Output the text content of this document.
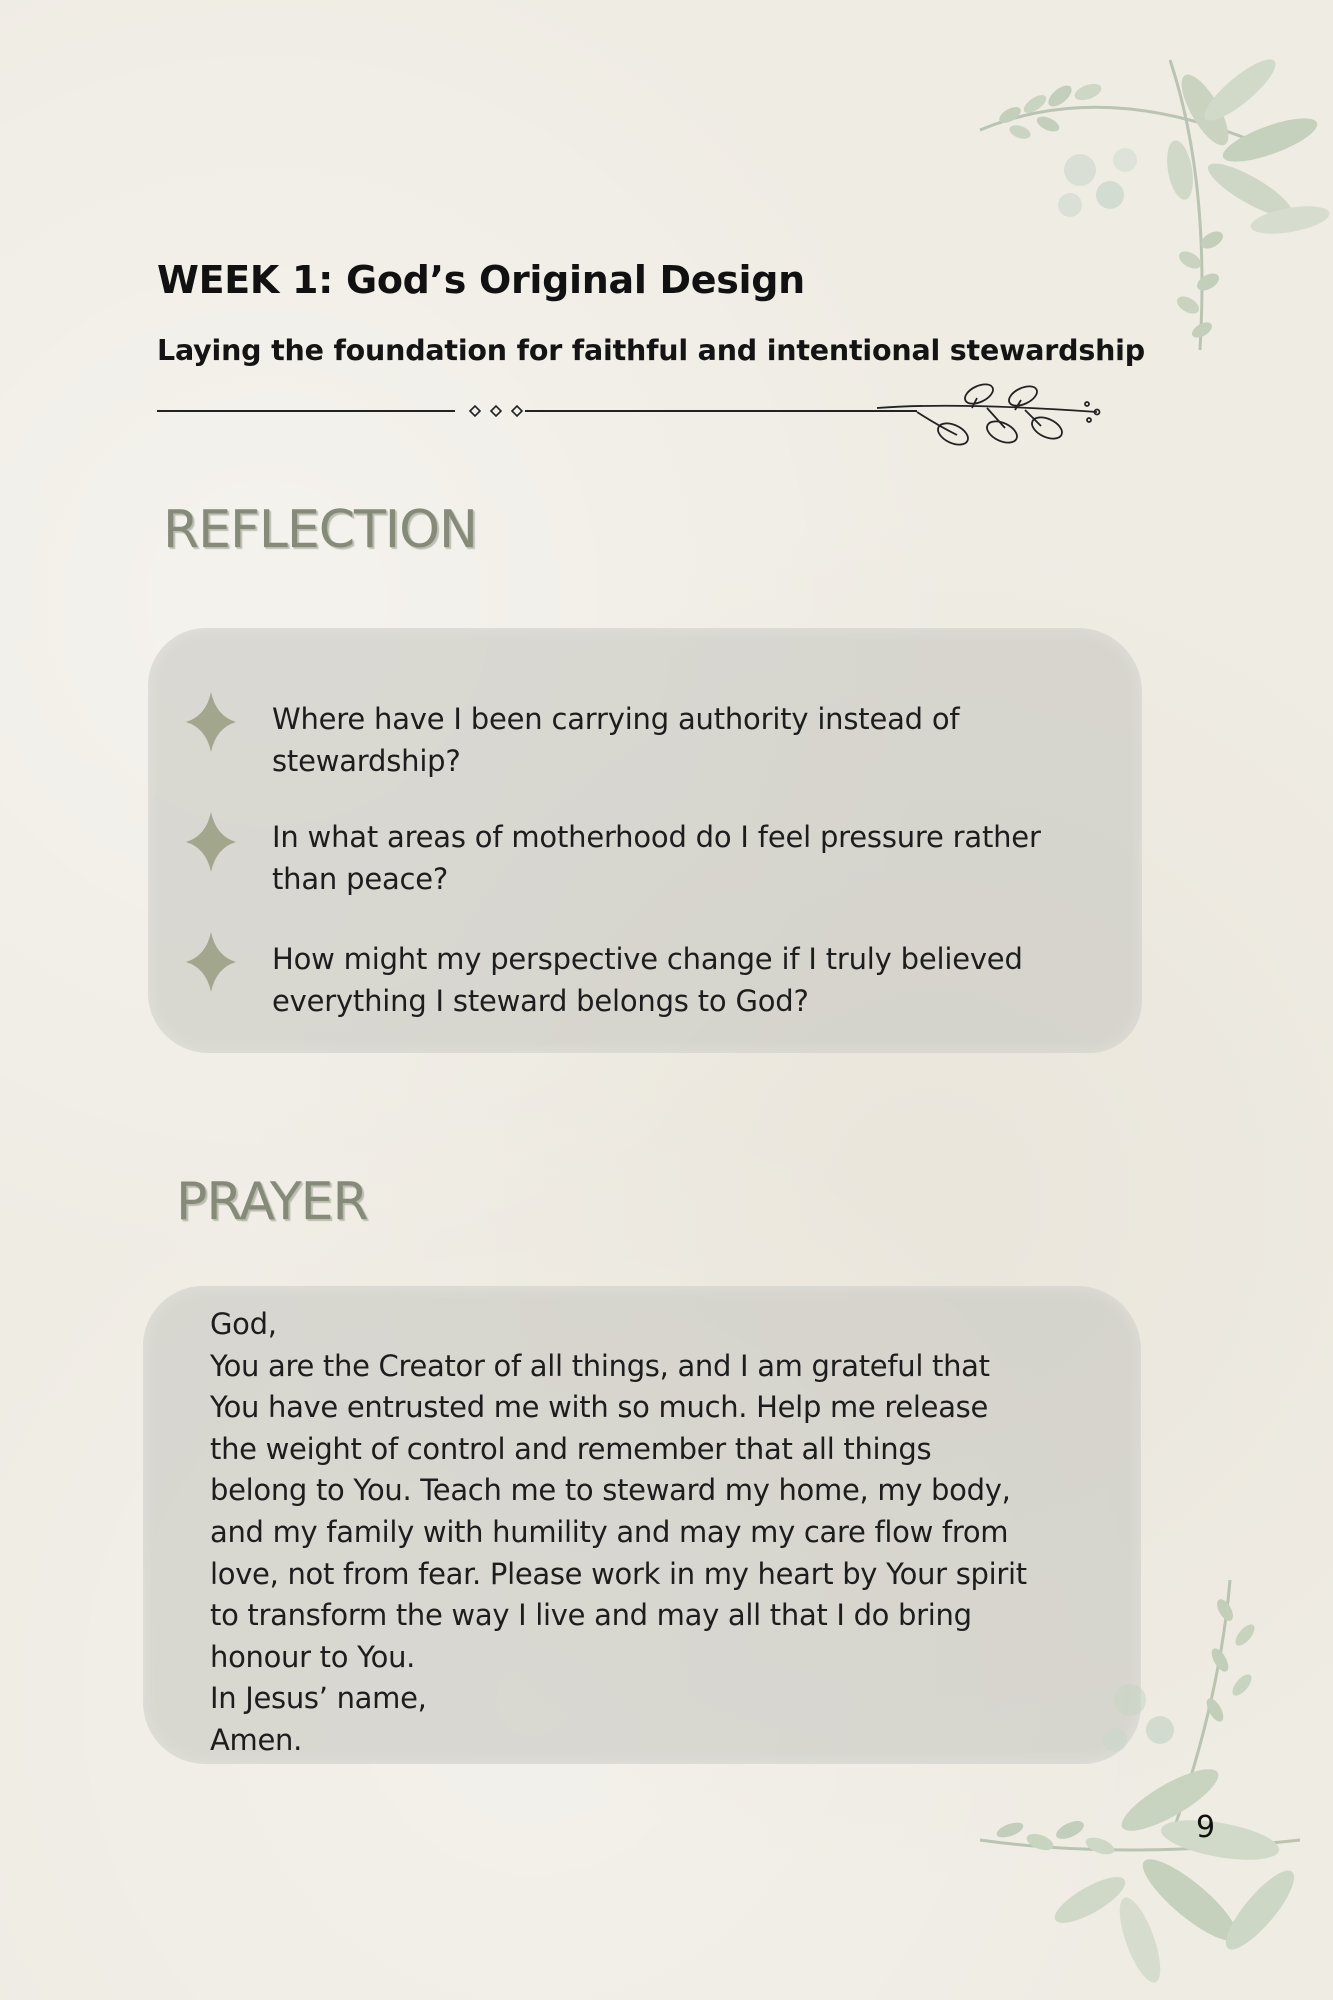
WEEK 1: God’s Original Design

Laying the foundation for faithful and intentional stewardship

REFLECTION

Where have I been carrying authority instead of stewardship?

In what areas of motherhood do I feel pressure rather than peace?

How might my perspective change if I truly believed everything I steward belongs to God?

PRAYER
God,
You are the Creator of all things, and I am grateful that
You have entrusted me with so much. Help me release
the weight of control and remember that all things
belong to You. Teach me to steward my home, my body,
and my family with humility and may my care flow from
love, not from fear. Please work in my heart by Your spirit
to transform the way I live and may all that I do bring
honour to You.
In Jesus’ name,
Amen.

9
